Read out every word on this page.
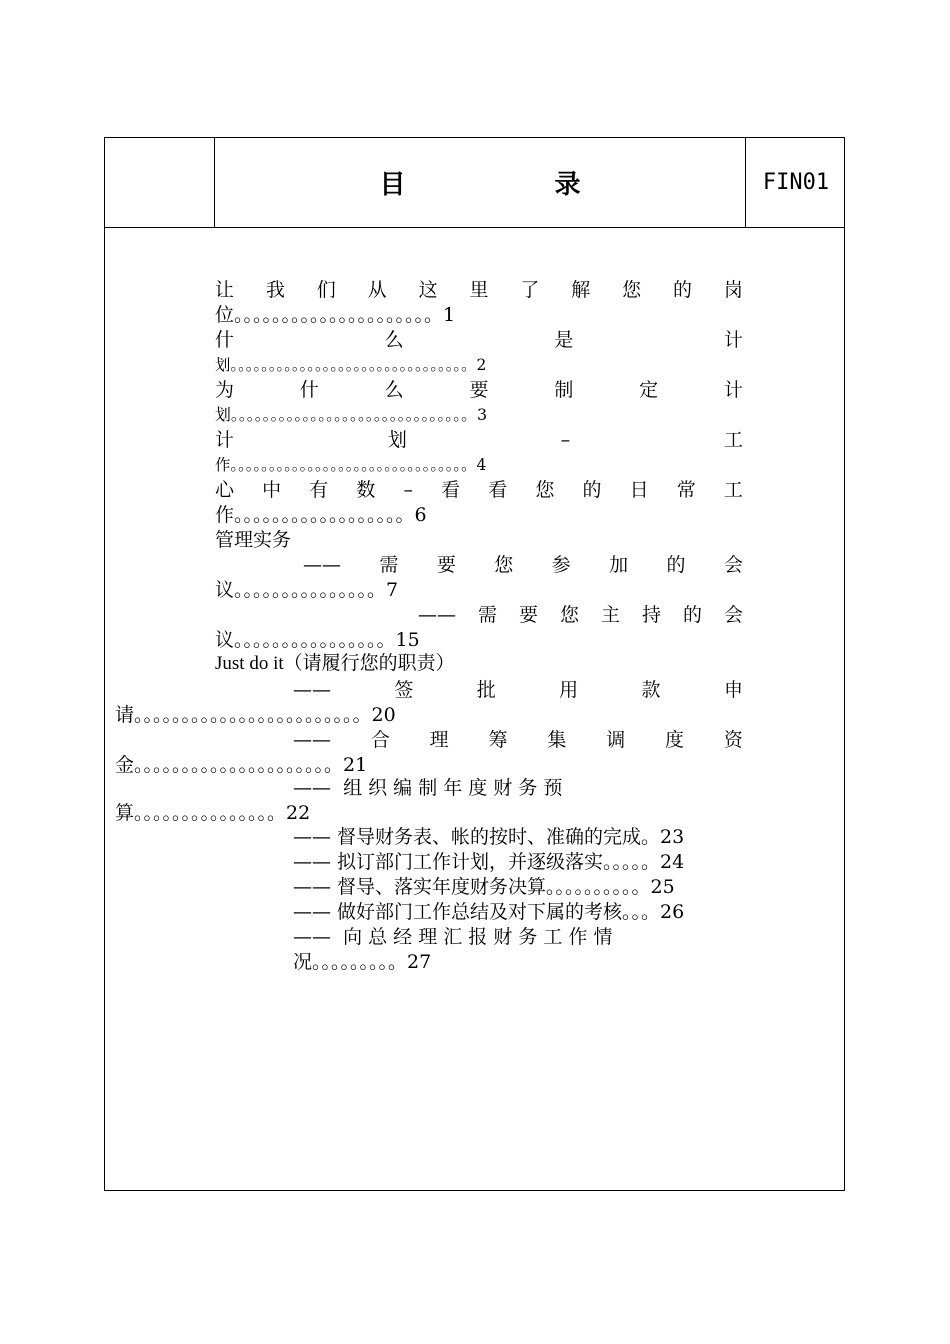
目 录	FIN01
让 我 们 从 这 里 了 解 您 的 岗
位。。。。。。。。。。。。。。。。。。。。。1
什	么	是	计
划。。。。。。。。。。。。。。。。。。。。。。。。。。。。。。。2
为	什	么	要	制	定	计
划。。。。。。。。。。。。。。。。。。。。。。。。。。。。。。3
计	划	–	工
作。。。。。。。。。。。。。。。。。。。。。。。。。。。。。。。4
心 中 有 数 – 看 看 您 的 日 常 工
作。。。。。。。。。。。。。。。。。。6
管理实务
—— 需 要 您 参 加 的 会
议。。。。。。。。。。。。。。。7
—— 需 要 您 主 持 的 会
议。。。。。。。。。。。。。。。。15
Just do it（请履行您的职责）
——	签	批	用	款	申
请。。。。。。。。。。。。。。。。。。。。。。。。20
—— 合 理 筹 集 调 度 资
金。。。。。。。。。。。。。。。。。。。。。21
——  组 织 编 制 年 度 财 务 预
算。。。。。。。。。。。。。。。22
—— 督导财务表、帐的按时、准确的完成。23
—— 拟订部门工作计划，并逐级落实。。。。。24
—— 督导、落实年度财务决算。。。。。。。。。。25
—— 做好部门工作总结及对下属的考核。。。26
——  向 总 经 理 汇 报 财 务 工 作 情
况。。。。。。。。。27
